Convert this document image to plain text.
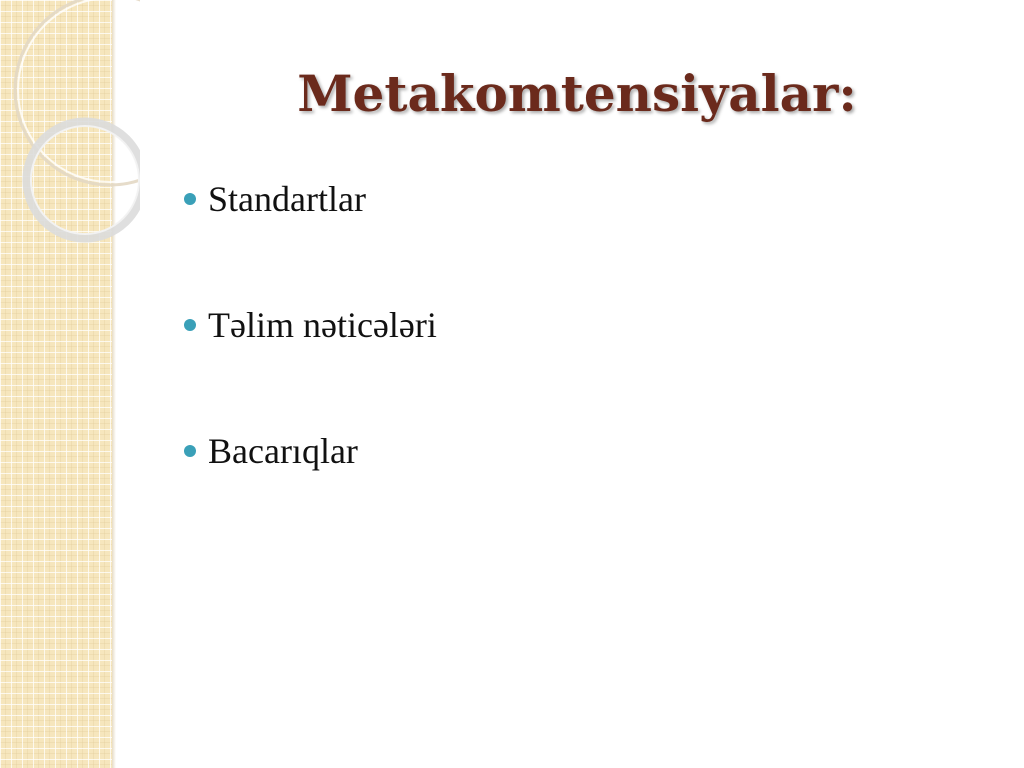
Metakomtensiyalar:
Standartlar
Təlim nəticələri
Bacarıqlar
